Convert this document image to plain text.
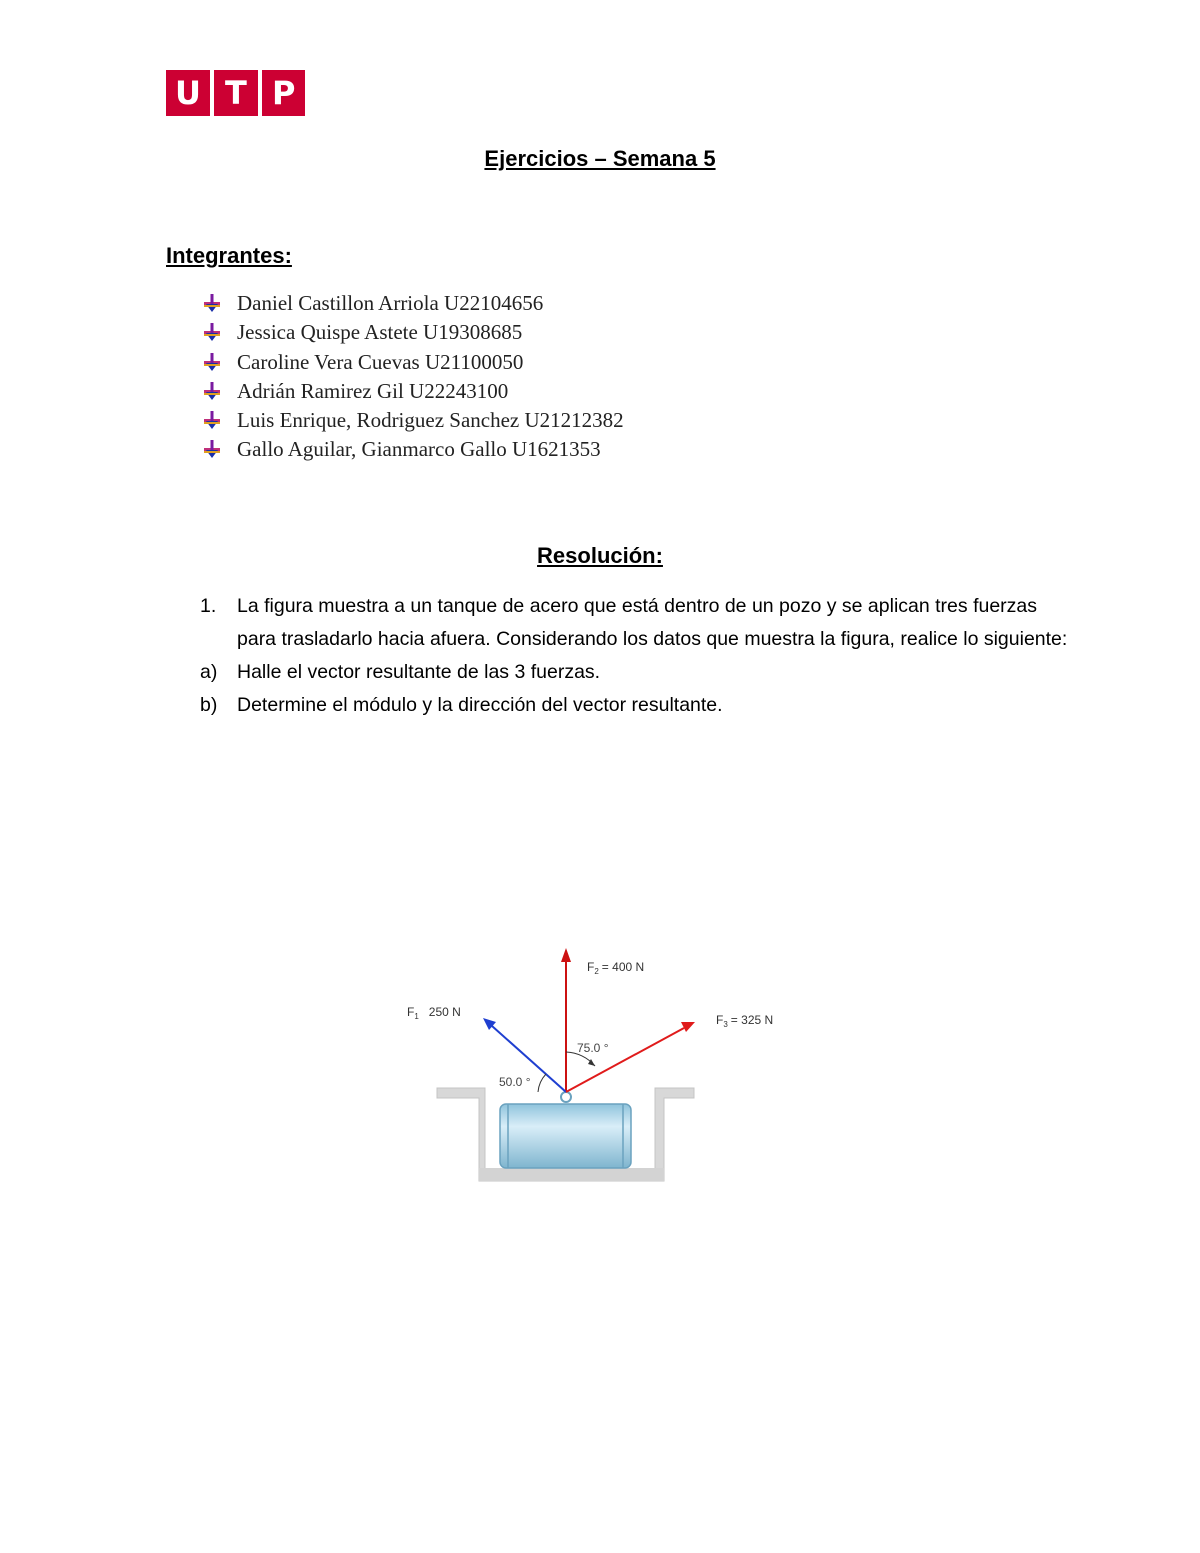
U T P
Ejercicios – Semana 5
Integrantes:
Daniel Castillon Arriola U22104656
Jessica Quispe Astete U19308685
Caroline Vera Cuevas U21100050
Adrián Ramirez Gil U22243100
Luis Enrique, Rodriguez Sanchez U21212382
Gallo Aguilar, Gianmarco Gallo U1621353
Resolución:
1. La figura muestra a un tanque de acero que está dentro de un pozo y se aplican tres fuerzas para trasladarlo hacia afuera. Considerando los datos que muestra la figura, realice lo siguiente:
a) Halle el vector resultante de las 3 fuerzas.
b) Determine el módulo y la dirección del vector resultante.
$F_2 = 400$ N
$F_1$ 250 N
$F_3 = 325$ N
75.0 °
50.0 °
